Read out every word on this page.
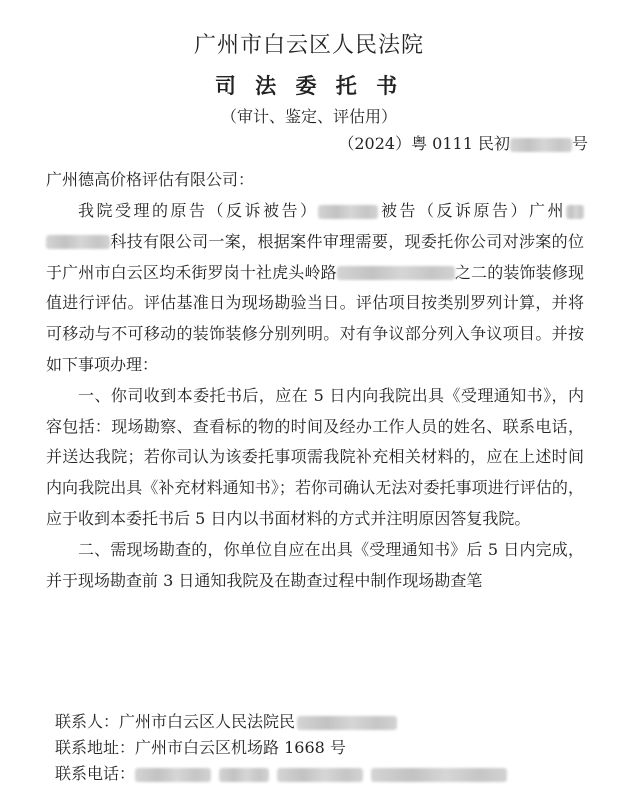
广州市白云区人民法院
司 法 委 托 书
（审计、鉴定、评估用）
（2024）粤 0111 民初	号
广州德高价格评估有限公司：

我院受理的原告（反诉被告）	被告（反诉原告）广州科技有限公司一案，根据案件审理需要，现委托你公司对涉案的位于广州市白云区均禾街罗岗十社虎头岭路	之二的装饰装修现值进行评估。评估基准日为现场勘验当日。评估项目按类别罗列计算，并将可移动与不可移动的装饰装修分别列明。对有争议部分列入争议项目。并按如下事项办理：

一、你司收到本委托书后，应在 5 日内向我院出具《受理通知书》，内容包括：现场勘察、查看标的物的时间及经办工作人员的姓名、联系电话，并送达我院；若你司认为该委托事项需我院补充相关材料的，应在上述时间内向我院出具《补充材料通知书》；若你司确认无法对委托事项进行评估的，应于收到本委托书后 5 日内以书面材料的方式并注明原因答复我院。

二、需现场勘查的，你单位自应在出具《受理通知书》后 5 日内完成，并于现场勘查前 3 日通知我院及在勘查过程中制作现场勘查笔

联系人：广州市白云区人民法院民
联系地址：广州市白云区机场路 1668 号
联系电话：
